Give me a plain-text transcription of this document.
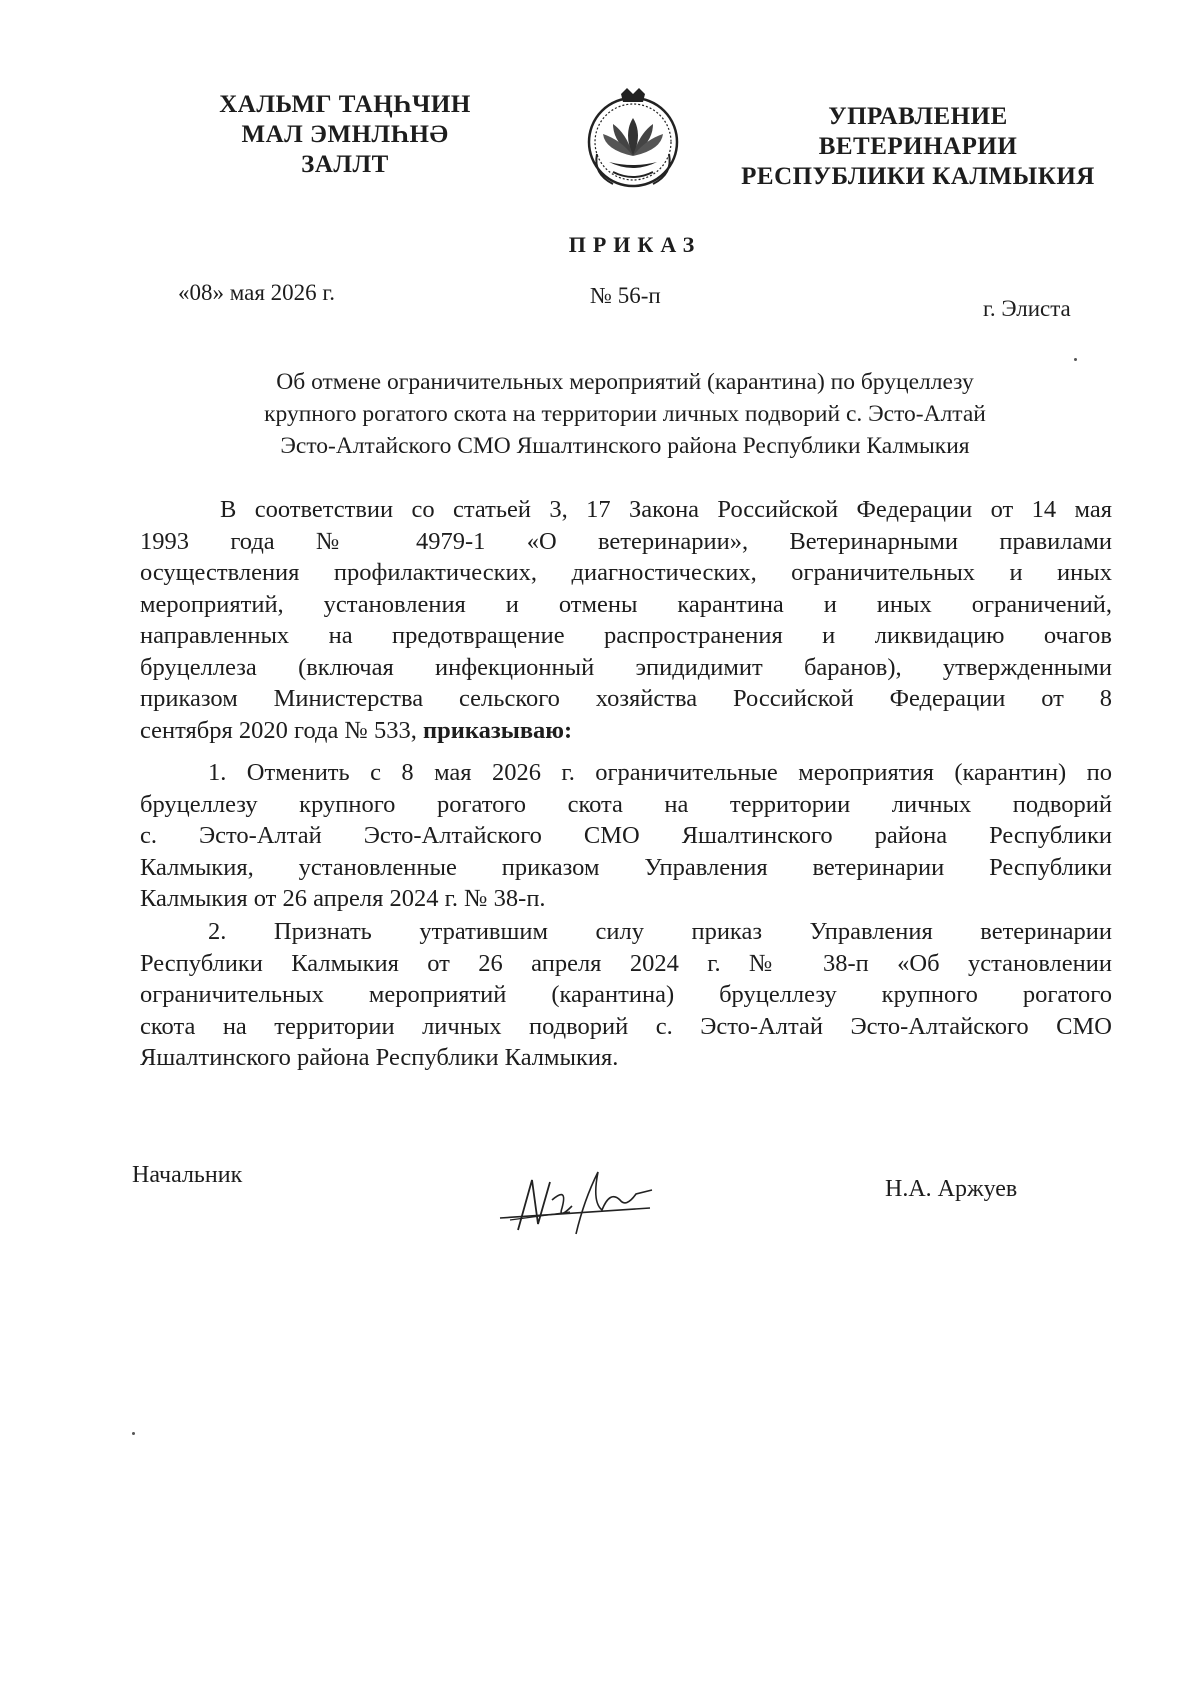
ХАЛЬМГ ТАҢҺЧИН
МАЛ ЭМНЛҺНӘ
ЗАЛЛТ
УПРАВЛЕНИЕ
ВЕТЕРИНАРИИ
РЕСПУБЛИКИ КАЛМЫКИЯ
ПРИКАЗ
«08» мая 2026 г.	№ 56-п
г. Элиста
Об отмене ограничительных мероприятий (карантина) по бруцеллезу
крупного рогатого скота на территории личных подворий с. Эсто-Алтай
Эсто-Алтайского СМО Яшалтинского района Республики Калмыкия
В соответствии со статьей 3, 17 Закона Российской Федерации от 14 мая
1993 года № 4979-1 «О ветеринарии», Ветеринарными правилами
осуществления профилактических, диагностических, ограничительных и иных
мероприятий, установления и отмены карантина и иных ограничений,
направленных на предотвращение распространения и ликвидацию очагов
бруцеллеза (включая инфекционный эпидидимит баранов), утвержденными
приказом Министерства сельского хозяйства Российской Федерации от 8
сентября 2020 года № 533, приказываю:
1. Отменить с 8 мая 2026 г. ограничительные мероприятия (карантин) по
бруцеллезу крупного рогатого скота на территории личных подворий
с. Эсто-Алтай Эсто-Алтайского СМО Яшалтинского района Республики
Калмыкия, установленные приказом Управления ветеринарии Республики
Калмыкия от 26 апреля 2024 г. № 38-п.
2. Признать утратившим силу приказ Управления ветеринарии
Республики Калмыкия от 26 апреля 2024 г. № 38-п «Об установлении
ограничительных мероприятий (карантина) бруцеллезу крупного рогатого
скота на территории личных подворий с. Эсто-Алтай Эсто-Алтайского СМО
Яшалтинского района Республики Калмыкия.
Начальник
Н.А. Аржуев
